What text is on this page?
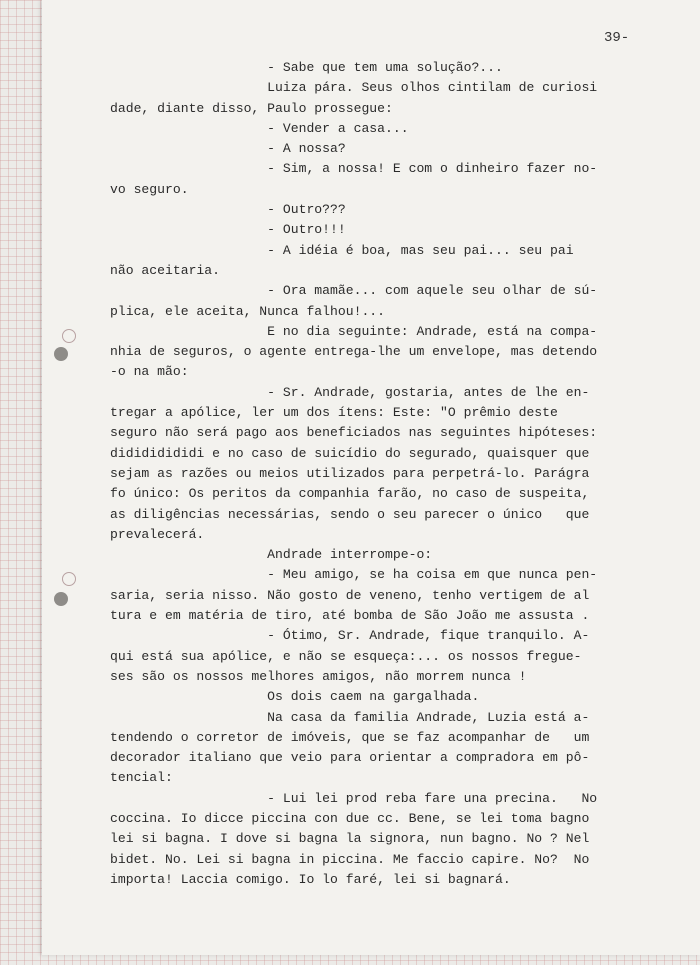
39-
- Sabe que tem uma solução?...
Luiza pára. Seus olhos cintilam de curiosi
dade, diante disso, Paulo prossegue:
- Vender a casa...
- A nossa?
- Sim, a nossa! E com o dinheiro fazer no-
vo seguro.
- Outro???
- Outro!!!
- A idéia é boa, mas seu pai... seu pai
não aceitaria.
- Ora mamãe... com aquele seu olhar de sú-
plica, ele aceita, Nunca falhou!...
E no dia seguinte: Andrade, está na compa-
nhia de seguros, o agente entrega-lhe um envelope, mas detendo
-o na mão:
- Sr. Andrade, gostaria, antes de lhe en-
tregar a apólice, ler um dos ítens: Este: "O prêmio deste
seguro não será pago aos beneficiados nas seguintes hipóteses:
didididididi e no caso de suicídio do segurado, quaisquer que
sejam as razões ou meios utilizados para perpetrá-lo. Parágra
fo único: Os peritos da companhia farão, no caso de suspeita,
as diligências necessárias, sendo o seu parecer o único   que
prevalecerá.
Andrade interrompe-o:
- Meu amigo, se ha coisa em que nunca pen-
saria, seria nisso. Não gosto de veneno, tenho vertigem de al
tura e em matéria de tiro, até bomba de São João me assusta .
- Ótimo, Sr. Andrade, fique tranquilo. A-
qui está sua apólice, e não se esqueça:... os nossos fregue-
ses são os nossos melhores amigos, não morrem nunca !
Os dois caem na gargalhada.
Na casa da familia Andrade, Luzia está a-
tendendo o corretor de imóveis, que se faz acompanhar de   um
decorador italiano que veio para orientar a compradora em pô-
tencial:
- Lui lei prod reba fare una precina.   No
coccina. Io dicce piccina con due cc. Bene, se lei toma bagno
lei si bagna. I dove si bagna la signora, nun bagno. No ? Nel
bidet. No. Lei si bagna in piccina. Me faccio capire. No?  No
importa! Laccia comigo. Io lo faré, lei si bagnará.
